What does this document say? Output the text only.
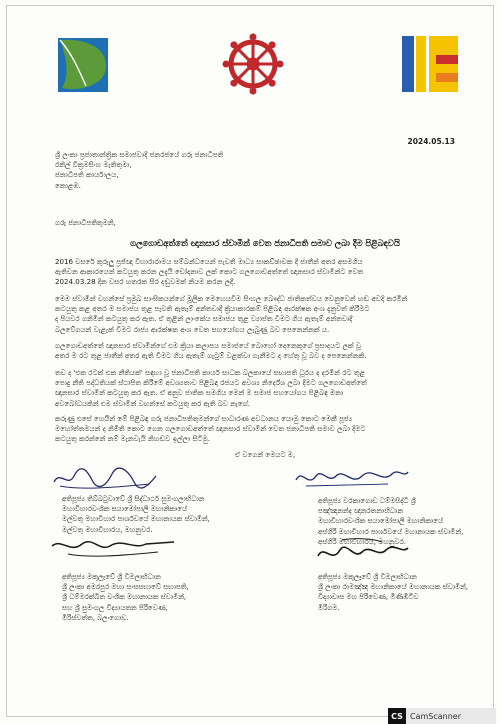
2024.05.13
ශ්‍රී ලංකා ප්‍රජාතාන්ත්‍රික සමාජවාදී ජනරජයේ ගරු ජනාධිපති
රනිල් වික්‍රමසිංහ මැතිතුමා,
ජනාධිපති කාර්යාලය,
කොළඹ.
ගරු ජනාධිපතිතුමනි,
ගලගොඩඅත්තේ ඥානසාර ස්වාමීන් වෙත ජනාධිපති සමාව ලබා දීම පිළිබඳවයි
2016 වසරේ කුරුලු ප්‍රජ්ඥා විහාරාරාමය සම්බන්ධයෙන් පැවති මාධ්‍ය සාකච්ඡාවක දී ජාතීන් අතර අසමගිය
ඇතිවන ආකාරයෙන් කටයුතු කරන ලදැයි චෝදනාව ලක් කොට ගලගොඩඅත්තේ ඥානසාර ස්වාමීන්ට වෙත
2024.03.28 දින වසර හතරක සිර දඬුවමක් නියම කරන ලදී.
මෙම ස්වාමීන් වහන්සේ ප්‍රමුඛ සාංඝිකයන්ගේ මූලික මෙහෙයවීම සිංහල බෞද්ධ ජාතිකත්වය වෙනුවෙන් හඬ අවදි කරමින්
කටයුතු කළ අතර ම සමාජය තුළ පැවති ඇතැම් අන්තවාදී ක්‍රියාකාරකම් පිළිබඳ ආරක්ෂක අංශ දැනුවත් කිරීමට
ද පියවර ගනිමින් කටයුතු කර ඇත. ඒ තුළින් ලාංකේය සමාජය තුළ ව්‍යාප්ත වීමට ගිය ඇතැම් අන්තවාදී
බලවේගයන් වැළැක් වීමට රාජ්‍ය ආරක්ෂක අංශ වෙත සහයෝගය ලැබුණු බව පෙනෙන්නක් ය.
ගලගොඩඅත්තේ ඥානසාර ස්වාමීන්ගේ එම ක්‍රියා කලාපය සමාජයේ බොහෝ දෙනෙකුගේ ප්‍රසාදයට ලක් වූ
අතර ම රට තුළ ජාතීන් අතර ඇති වීමට ගිය ඇතැම් ගැටුම් වළක්වා ගැනීමට ද හේතු වූ බව ද පෙනෙන්නකි.
තව ද 'එක රටක් එක නීතියක්' සඳහා වූ ජනාධිපති කාර්ය සාධක බලකායේ සභාපති ධූරය ද දරමින් රට තුළ
පොදු නීති පද්ධතියක් ස්ථාපිත කිරීමේ අවශ්‍යතාව පිළිබඳ රජයට අවශ්‍ය නිර්දේශ ලබා දීමට ගලගොඩඅත්තේ
ඥානසාර ස්වාමීන් කටයුතු කර ඇත. ඒ අනුව ජාතික සමගිය මෙන් ම සමාජ සහයෝගය පිළිබඳ මනා
අවබෝධයකින් එම ස්වාමීන් වහන්සේ කටයුතු කර ඇති බව නැගේ.
කරුණු එසේ හෙයින් මේ පිළිබඳ ගරු ජනාධිපතිතුමන්ගේ සාධාරණ අවධානය යොමු කොට මෙකී පූජ්‍ය
මහෝත්තමයන් ද නිමිති කොට ගෙන ගලගොඩඅත්තේ ඥානසාර ස්වාමීන් වෙත ජනාධිපති සමාව ලබා දීමට
කටයුතු කරන්නේ නම් මැනවැයි නිහඬව ඉල්ලා සිටිමු.
ඒ වගෙන් මෙයට ම,
අතිපූජ්‍ය තිබ්බටුවාවේ ශ්‍රී සිද්ධාර්ථ සුමංගලාභිධාන
මහාවිහාරවංශික සයාමෝපාලි මහානිකායේ
මල්වතු මහාවිහාර පාර්ශවයේ මහානායක ස්වාමීන්,
මල්වතු මහාවිහාරය, මහනුවර.
අතිපූජ්‍ය වරකාගොඩ ධම්මසිද්ධි ශ්‍රී
පඤ්ඤානන්ද ඥානරතනාභිධාන
මහාවිහාරවංශික සයාමෝපාලි මහානිකායේ
අස්ගිරි මහාවිහාර පාර්ශවයේ මහානායක ස්වාමීන්,
අස්ගිරි මහාවිහාරය, මහනුවර.
අතිපූජ්‍ය මකුලැවේ ශ්‍රී විමලාභිධාන
ශ්‍රී ලංකා අමරපුර මහා සංඝසභාවේ සභාපති,
ශ්‍රී ධම්මරක්ඛිත වංශික මහානායක ස්වාමීන්,
සහ ශ්‍රී සුමංගල විද්‍යායතන පිරිවෙණ,
මිරිස්වත්ත, බලංගොඩ.
අතිපූජ්‍ය මකුලෑවේ ශ්‍රී විමලාභිධාන
ශ්‍රී ලංකා රාමඤ්ඤ මහානිකායේ මහානායක ස්වාමීන්,
විද්‍යාවාස මහ පිරිවෙණ, මිණිඹිටිව
මීරිගම.
CS CamScanner
